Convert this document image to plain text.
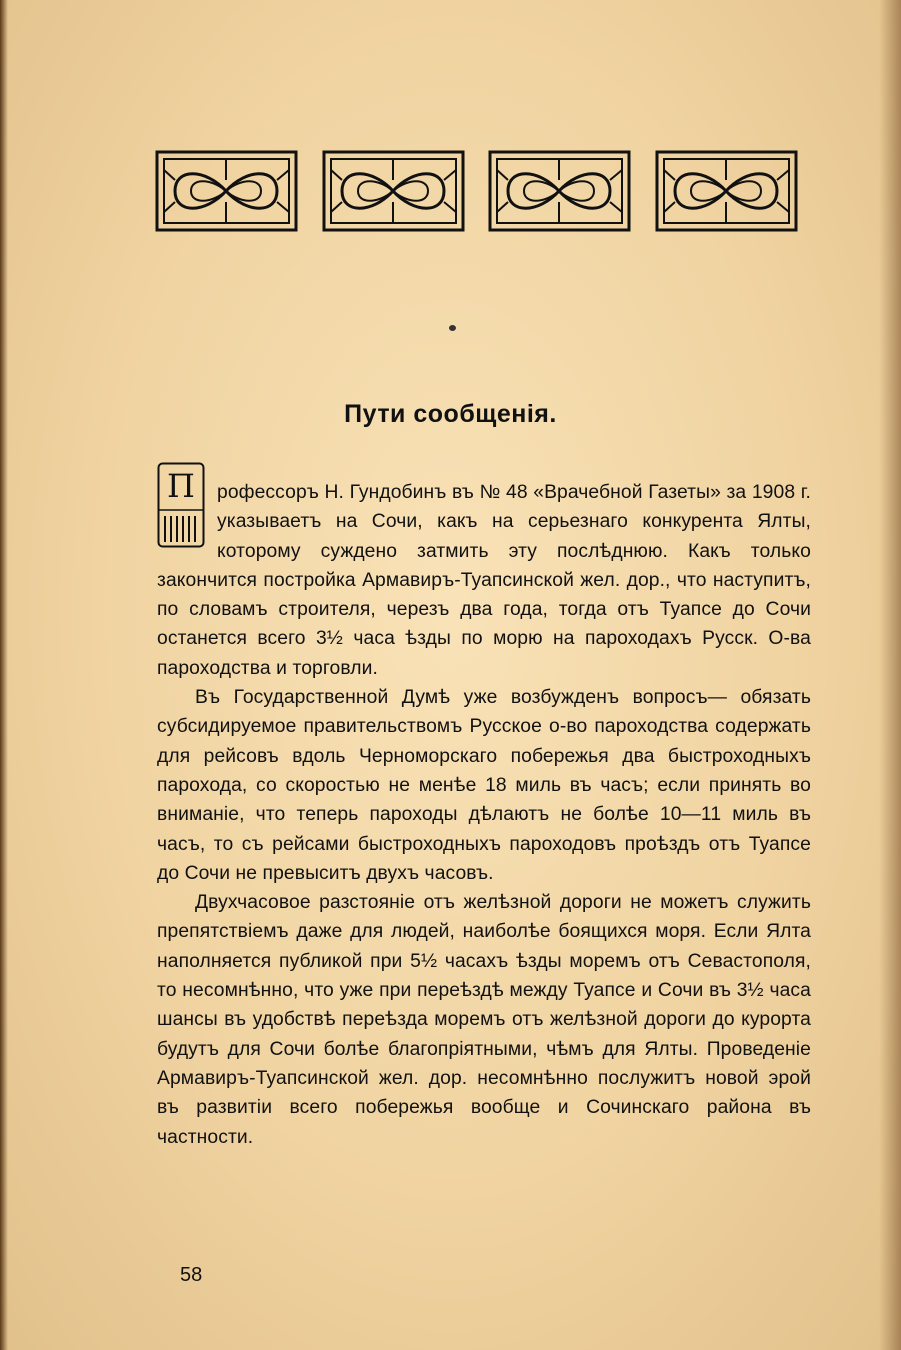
Пути сообщенія.
П	рофессоръ Н. Гундобинъ въ № 48 «Врачебной Газеты» за 1908 г. указываетъ на Сочи, какъ на серьезнаго конкурента Ялты, которому суждено затмить эту послѣднюю. Какъ только закончится постройка Армавиръ-Туапсинской жел. дор., что наступитъ, по словамъ строителя, черезъ два года, тогда отъ Туапсе до Сочи останется всего 3½ часа ѣзды по морю на пароходахъ Русск. О-ва пароходства и торговли.

Въ Государственной Думѣ уже возбужденъ вопросъ— обязать субсидируемое правительствомъ Русское о-во пароходства содержать для рейсовъ вдоль Черноморскаго побережья два быстроходныхъ парохода, со скоростью не менѣе 18 миль въ часъ; если принять во вниманіе, что теперь пароходы дѣлаютъ не болѣе 10—11 миль въ часъ, то съ рейсами быстроходныхъ пароходовъ проѣздъ отъ Туапсе до Сочи не превыситъ двухъ часовъ.

Двухчасовое разстояніе отъ желѣзной дороги не можетъ служить препятствіемъ даже для людей, наиболѣе боящихся моря. Если Ялта наполняется публикой при 5½ часахъ ѣзды моремъ отъ Севастополя, то несомнѣнно, что уже при переѣздѣ между Туапсе и Сочи въ 3½ часа шансы въ удобствѣ переѣзда моремъ отъ желѣзной дороги до курорта будутъ для Сочи болѣе благопріятными, чѣмъ для Ялты. Проведеніе Армавиръ-Туапсинской жел. дор. несомнѣнно послужитъ новой эрой въ развитіи всего побережья вообще и Сочинскаго района въ частности.

58
